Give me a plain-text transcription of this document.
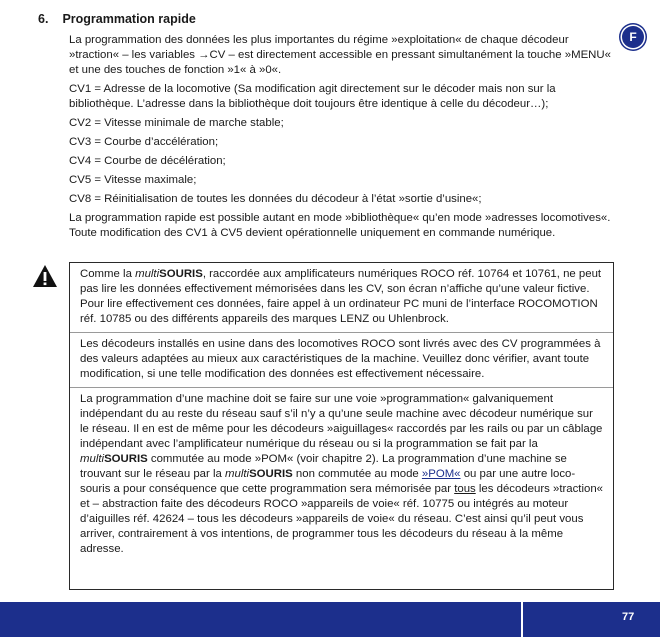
6. Programmation rapide
F

La programmation des données les plus importantes du régime »exploitation« de chaque décodeur »traction« – les variables →CV – est directement accessible en pressant simultanément la touche »MENU« et une des touches de fonction »1« à »0«.

CV1 = Adresse de la locomotive (Sa modification agit directement sur le décoder mais non sur la bibliothèque. L’adresse dans la bibliothèque doit toujours être identique à celle du décodeur…);

CV2 = Vitesse minimale de marche stable;

CV3 = Courbe d’accélération;

CV4 = Courbe de décélération;

CV5 = Vitesse maximale;

CV8 = Réinitialisation de toutes les données du décodeur à l’état »sortie d’usine«;

La programmation rapide est possible autant en mode »bibliothèque« qu’en mode »adresses locomotives«. Toute modification des CV1 à CV5 devient opérationnelle uniquement en commande numérique.

Comme la multiSOURIS, raccordée aux amplificateurs numériques ROCO réf. 10764 et 10761, ne peut pas lire les données effectivement mémorisées dans les CV, son écran n’affiche qu’une valeur fictive. Pour lire effectivement ces données, faire appel à un ordinateur PC muni de l’interface ROCOMOTION réf. 10785 ou des différents appareils des marques LENZ ou Uhlenbrock.

Les décodeurs installés en usine dans des locomotives ROCO sont livrés avec des CV programmées à des valeurs adaptées au mieux aux caractéristiques de la machine. Veuillez donc vérifier, avant toute modification, si une telle modification des données est effectivement nécessaire.

La programmation d’une machine doit se faire sur une voie »programmation« galvaniquement indépendant du au reste du réseau sauf s’il n’y a qu’une seule machine avec décodeur numérique sur le réseau. Il en est de même pour les décodeurs »aiguillages« raccordés par les rails ou par un câblage indépendant avec l’amplificateur numérique du réseau ou si la programmation se fait par la multiSOURIS commutée au mode »POM« (voir chapitre 2). La programmation d’une machine se trouvant sur le réseau par la multiSOURIS non commutée au mode »POM« ou par une autre loco-souris a pour conséquence que cette programmation sera mémorisée par tous les décodeurs »traction« et – abstraction faite des décodeurs ROCO »appareils de voie« réf. 10775 ou intégrés au moteur d’aiguilles réf. 42624 – tous les décodeurs »appareils de voie« du réseau. C’est ainsi qu’il peut vous arriver, contrairement à vos intentions, de programmer tous les décodeurs du réseau à la même adresse.

77
